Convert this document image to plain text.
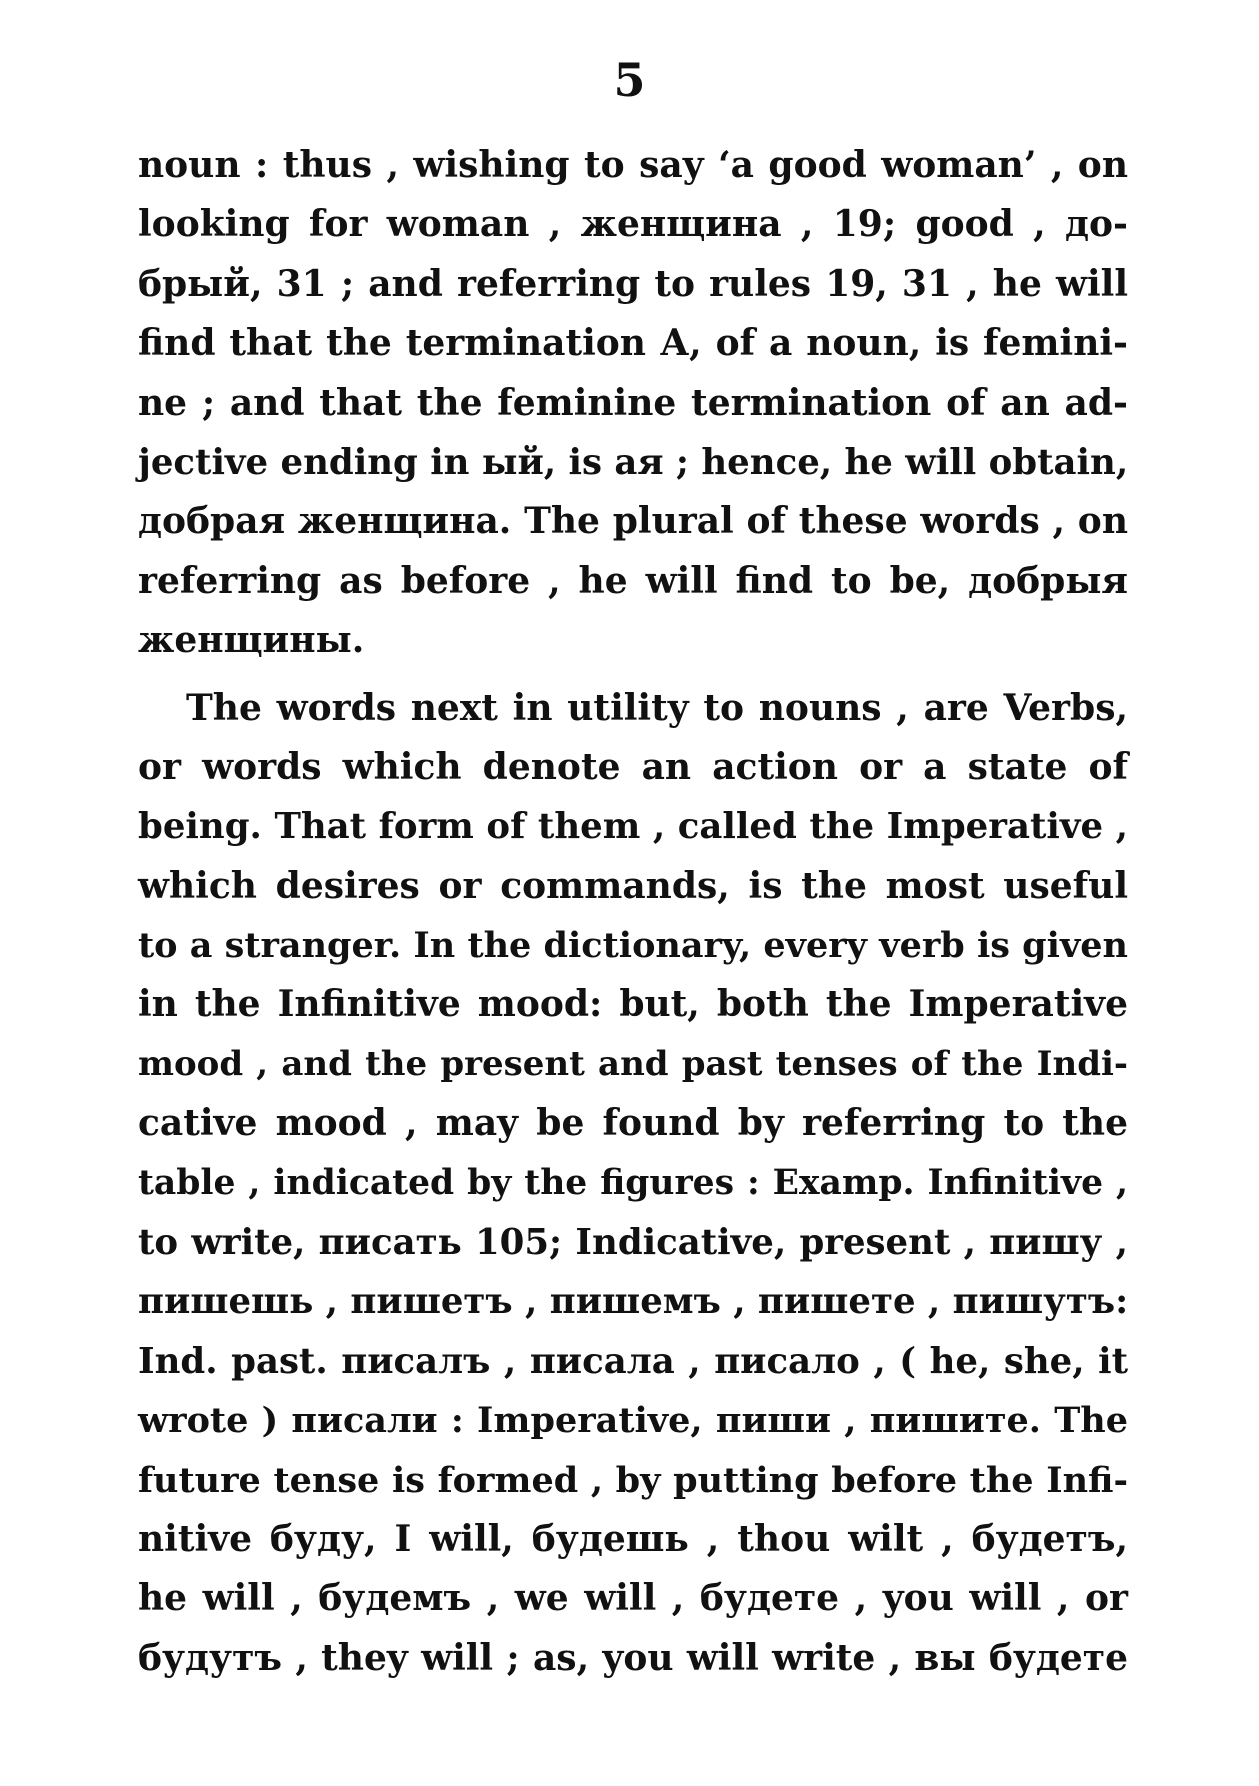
5
noun : thus , wishing to say ‘a good woman’ , on
looking for woman , женщина , 19; good , до-
брый, 31 ; and referring to rules 19, 31 , he will
find that the termination А, of a noun, is femini-
ne ; and that the feminine termination of an ad-
jective ending in ый, is ая ; hence, he will obtain,
добрая женщина. The plural of these words , on
referring as before , he will find to be, добрыя
женщины.
The words next in utility to nouns , are Verbs,
or words which denote an action or a state of
being. That form of them , called the Imperative ,
which desires or commands, is the most useful
to a stranger. In the dictionary, every verb is given
in the Infinitive mood: but, both the Imperative
mood , and the present and past tenses of the Indi-
cative mood , may be found by referring to the
table , indicated by the figures : Examp. Infinitive ,
to write, писать 105; Indicative, present , пишу ,
пишешь , пишетъ , пишемъ , пишете , пишутъ:
Ind. past. писалъ , писала , писало , ( he, she, it
wrote ) писали : Imperative, пиши , пишите. The
future tense is formed , by putting before the Infi-
nitive буду, I will, будешь , thou wilt , будетъ,
he will , будемъ , we will , будете , you will , or
будутъ , they will ; as, you will write , вы будете
